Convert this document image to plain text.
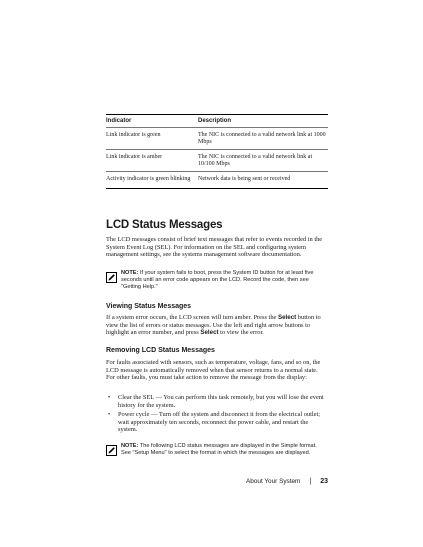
Indicator	Description
Link indicator is green	The NIC is connected to a valid network link at 1000 Mbps
Link indicator is amber	The NIC is connected to a valid network link at 10/100 Mbps
Activity indicator is green blinking	Network data is being sent or received
LCD Status Messages

The LCD messages consist of brief text messages that refer to events recorded in the System Event Log (SEL). For information on the SEL and configuring system management settings, see the systems management software documentation.

NOTE: If your system fails to boot, press the System ID button for at least five seconds until an error code appears on the LCD. Record the code, then see "Getting Help."
Viewing Status Messages

If a system error occurs, the LCD screen will turn amber. Press the Select button to view the list of errors or status messages. Use the left and right arrow buttons to highlight an error number, and press Select to view the error.

Removing LCD Status Messages

For faults associated with sensors, such as temperature, voltage, fans, and so on, the LCD message is automatically removed when that sensor returns to a normal state. For other faults, you must take action to remove the message from the display:

•	Clear the SEL — You can perform this task remotely, but you will lose the event history for the system.

•	Power cycle — Turn off the system and disconnect it from the electrical outlet; wait approximately ten seconds, reconnect the power cable, and restart the system.

NOTE: The following LCD status messages are displayed in the Simple format. See "Setup Menu" to select the format in which the messages are displayed.
About Your System | 23
